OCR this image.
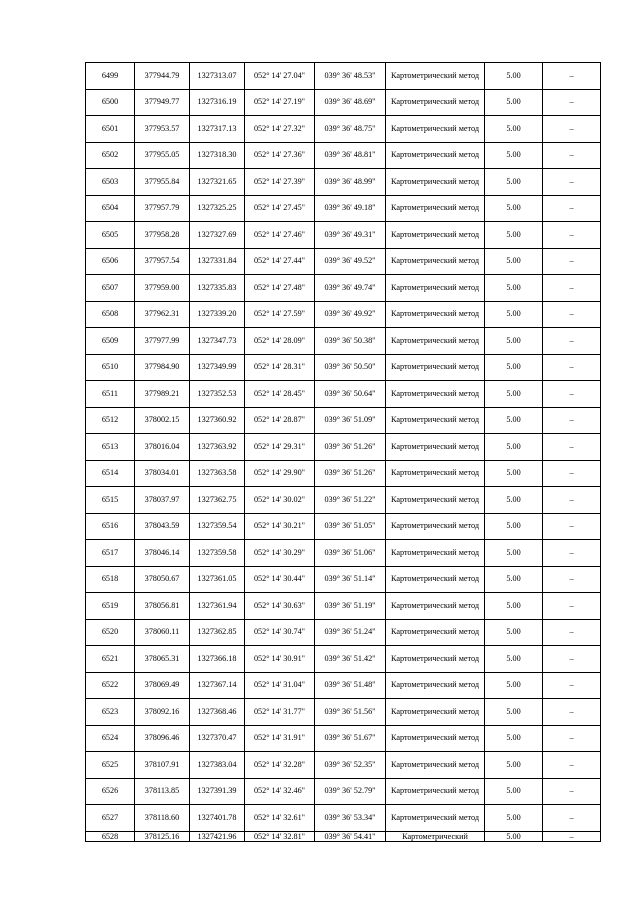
6499	377944.79	1327313.07	052° 14' 27.04"	039° 36' 48.53"	Картометрический метод	5.00	–
6500	377949.77	1327316.19	052° 14' 27.19"	039° 36' 48.69"	Картометрический метод	5.00	–
6501	377953.57	1327317.13	052° 14' 27.32"	039° 36' 48.75"	Картометрический метод	5.00	–
6502	377955.05	1327318.30	052° 14' 27.36"	039° 36' 48.81"	Картометрический метод	5.00	–
6503	377955.84	1327321.65	052° 14' 27.39"	039° 36' 48.99"	Картометрический метод	5.00	–
6504	377957.79	1327325.25	052° 14' 27.45"	039° 36' 49.18"	Картометрический метод	5.00	–
6505	377958.28	1327327.69	052° 14' 27.46"	039° 36' 49.31"	Картометрический метод	5.00	–
6506	377957.54	1327331.84	052° 14' 27.44"	039° 36' 49.52"	Картометрический метод	5.00	–
6507	377959.00	1327335.83	052° 14' 27.48"	039° 36' 49.74"	Картометрический метод	5.00	–
6508	377962.31	1327339.20	052° 14' 27.59"	039° 36' 49.92"	Картометрический метод	5.00	–
6509	377977.99	1327347.73	052° 14' 28.09"	039° 36' 50.38"	Картометрический метод	5.00	–
6510	377984.90	1327349.99	052° 14' 28.31"	039° 36' 50.50"	Картометрический метод	5.00	–
6511	377989.21	1327352.53	052° 14' 28.45"	039° 36' 50.64"	Картометрический метод	5.00	–
6512	378002.15	1327360.92	052° 14' 28.87"	039° 36' 51.09"	Картометрический метод	5.00	–
6513	378016.04	1327363.92	052° 14' 29.31"	039° 36' 51.26"	Картометрический метод	5.00	–
6514	378034.01	1327363.58	052° 14' 29.90"	039° 36' 51.26"	Картометрический метод	5.00	–
6515	378037.97	1327362.75	052° 14' 30.02"	039° 36' 51.22"	Картометрический метод	5.00	–
6516	378043.59	1327359.54	052° 14' 30.21"	039° 36' 51.05"	Картометрический метод	5.00	–
6517	378046.14	1327359.58	052° 14' 30.29"	039° 36' 51.06"	Картометрический метод	5.00	–
6518	378050.67	1327361.05	052° 14' 30.44"	039° 36' 51.14"	Картометрический метод	5.00	–
6519	378056.81	1327361.94	052° 14' 30.63"	039° 36' 51.19"	Картометрический метод	5.00	–
6520	378060.11	1327362.85	052° 14' 30.74"	039° 36' 51.24"	Картометрический метод	5.00	–
6521	378065.31	1327366.18	052° 14' 30.91"	039° 36' 51.42"	Картометрический метод	5.00	–
6522	378069.49	1327367.14	052° 14' 31.04"	039° 36' 51.48"	Картометрический метод	5.00	–
6523	378092.16	1327368.46	052° 14' 31.77"	039° 36' 51.56"	Картометрический метод	5.00	–
6524	378096.46	1327370.47	052° 14' 31.91"	039° 36' 51.67"	Картометрический метод	5.00	–
6525	378107.91	1327383.04	052° 14' 32.28"	039° 36' 52.35"	Картометрический метод	5.00	–
6526	378113.85	1327391.39	052° 14' 32.46"	039° 36' 52.79"	Картометрический метод	5.00	–
6527	378118.60	1327401.78	052° 14' 32.61"	039° 36' 53.34"	Картометрический метод	5.00	–
6528	378125.16	1327421.96	052° 14' 32.81"	039° 36' 54.41"	Картометрический	5.00	–
